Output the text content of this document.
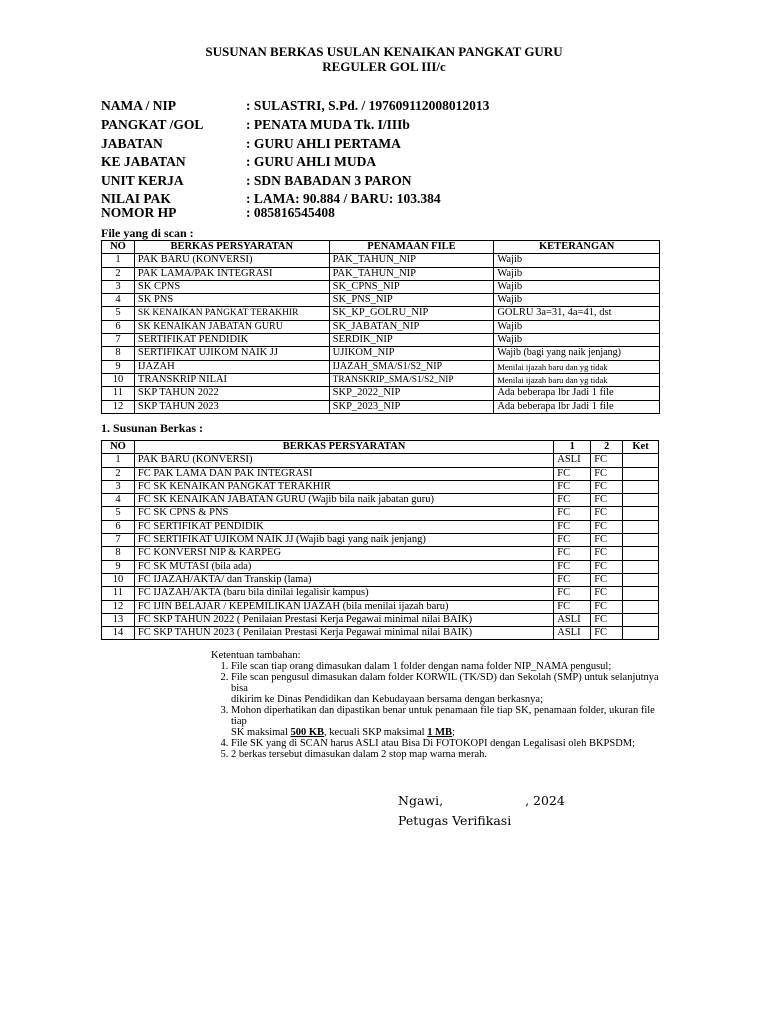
SUSUNAN BERKAS USULAN KENAIKAN PANGKAT GURU
REGULER GOL III/c
NAMA / NIP	: SULASTRI, S.Pd. / 197609112008012013
PANGKAT /GOL	: PENATA MUDA Tk. I/IIIb
JABATAN	: GURU AHLI PERTAMA
KE JABATAN	: GURU AHLI MUDA
UNIT KERJA	: SDN BABADAN 3 PARON
NILAI PAK	: LAMA: 90.884 / BARU: 103.384
NOMOR HP	: 085816545408
File yang di scan :
NO	BERKAS PERSYARATAN	PENAMAAN FILE	KETERANGAN
1	PAK BARU (KONVERSI)	PAK_TAHUN_NIP	Wajib
2	PAK LAMA/PAK INTEGRASI	PAK_TAHUN_NIP	Wajib
3	SK CPNS	SK_CPNS_NIP	Wajib
4	SK PNS	SK_PNS_NIP	Wajib
5	SK KENAIKAN PANGKAT TERAKHIR	SK_KP_GOLRU_NIP	GOLRU 3a=31, 4a=41, dst
6	SK KENAIKAN JABATAN GURU	SK_JABATAN_NIP	Wajib
7	SERTIFIKAT PENDIDIK	SERDIK_NIP	Wajib
8	SERTIFIKAT UJIKOM NAIK JJ	UJIKOM_NIP	Wajib (bagi yang naik jenjang)
9	IJAZAH	IJAZAH_SMA/S1/S2_NIP	Menilai ijazah baru dan yg tidak
10	TRANSKRIP NILAI	TRANSKRIP_SMA/S1/S2_NIP	Menilai ijazah baru dan yg tidak
11	SKP TAHUN 2022	SKP_2022_NIP	Ada beberapa lbr Jadi 1 file
12	SKP TAHUN 2023	SKP_2023_NIP	Ada beberapa lbr Jadi 1 file
1. Susunan Berkas :
NO	BERKAS PERSYARATAN	1	2	Ket
1	PAK BARU (KONVERSI)	ASLI	FC	
2	FC PAK LAMA DAN PAK INTEGRASI	FC	FC	
3	FC SK KENAIKAN PANGKAT TERAKHIR	FC	FC	
4	FC SK KENAIKAN JABATAN GURU (Wajib bila naik jabatan guru)	FC	FC	
5	FC SK CPNS & PNS	FC	FC	
6	FC SERTIFIKAT PENDIDIK	FC	FC	
7	FC SERTIFIKAT UJIKOM NAIK JJ (Wajib bagi yang naik jenjang)	FC	FC	
8	FC KONVERSI NIP & KARPEG	FC	FC	
9	FC SK MUTASI (bila ada)	FC	FC	
10	FC IJAZAH/AKTA/ dan Transkip (lama)	FC	FC	
11	FC IJAZAH/AKTA (baru bila dinilai legalisir kampus)	FC	FC	
12	FC IJIN BELAJAR / KEPEMILIKAN IJAZAH (bila menilai ijazah baru)	FC	FC	
13	FC SKP TAHUN 2022 ( Penilaian Prestasi Kerja Pegawai minimal nilai BAIK)	ASLI	FC	
14	FC SKP TAHUN 2023 ( Penilaian Prestasi Kerja Pegawai minimal nilai BAIK)	ASLI	FC	
Ketentuan tambahan:
1. File scan tiap orang dimasukan dalam 1 folder dengan nama folder NIP_NAMA pengusul;
2. File scan pengusul dimasukan dalam folder KORWIL (TK/SD) dan Sekolah (SMP) untuk selanjutnya bisa
dikirim ke Dinas Pendidikan dan Kebudayaan bersama dengan berkasnya;
3. Mohon diperhatikan dan dipastikan benar untuk penamaan file tiap SK, penamaan folder, ukuran file tiap
SK maksimal 500 KB, kecuali SKP maksimal 1 MB;
4. File SK yang di SCAN harus ASLI atau Bisa Di FOTOKOPI dengan Legalisasi oleh BKPSDM;
5. 2 berkas tersebut dimasukan dalam 2 stop map warna merah.
Ngawi,	, 2024
Petugas Verifikasi
